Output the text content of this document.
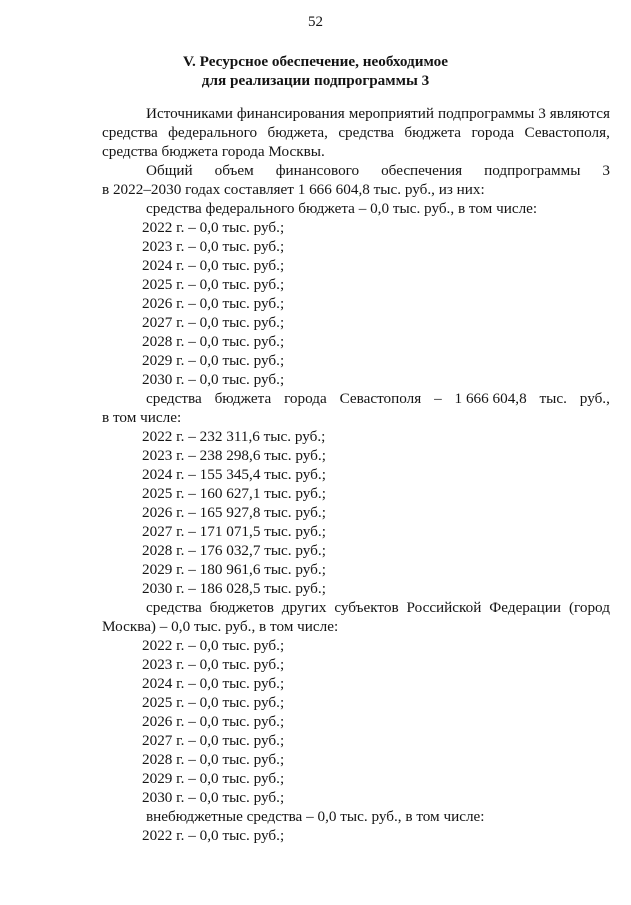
52
V. Ресурсное обеспечение, необходимое
для реализации подпрограммы 3
Источниками финансирования мероприятий подпрограммы 3 являются
средства федерального бюджета, средства бюджета города Севастополя,
средства бюджета города Москвы.
Общий объем финансового обеспечения подпрограммы 3
в 2022–2030 годах составляет 1 666 604,8 тыс. руб., из них:
средства федерального бюджета – 0,0 тыс. руб., в том числе:
2022 г. – 0,0 тыс. руб.;
2023 г. – 0,0 тыс. руб.;
2024 г. – 0,0 тыс. руб.;
2025 г. – 0,0 тыс. руб.;
2026 г. – 0,0 тыс. руб.;
2027 г. – 0,0 тыс. руб.;
2028 г. – 0,0 тыс. руб.;
2029 г. – 0,0 тыс. руб.;
2030 г. – 0,0 тыс. руб.;
средства бюджета города Севастополя – 1 666 604,8 тыс. руб.,
в том числе:
2022 г. – 232 311,6 тыс. руб.;
2023 г. – 238 298,6 тыс. руб.;
2024 г. – 155 345,4 тыс. руб.;
2025 г. – 160 627,1 тыс. руб.;
2026 г. – 165 927,8 тыс. руб.;
2027 г. – 171 071,5 тыс. руб.;
2028 г. – 176 032,7 тыс. руб.;
2029 г. – 180 961,6 тыс. руб.;
2030 г. – 186 028,5 тыс. руб.;
средства бюджетов других субъектов Российской Федерации (город
Москва) – 0,0 тыс. руб., в том числе:
2022 г. – 0,0 тыс. руб.;
2023 г. – 0,0 тыс. руб.;
2024 г. – 0,0 тыс. руб.;
2025 г. – 0,0 тыс. руб.;
2026 г. – 0,0 тыс. руб.;
2027 г. – 0,0 тыс. руб.;
2028 г. – 0,0 тыс. руб.;
2029 г. – 0,0 тыс. руб.;
2030 г. – 0,0 тыс. руб.;
внебюджетные средства – 0,0 тыс. руб., в том числе:
2022 г. – 0,0 тыс. руб.;
